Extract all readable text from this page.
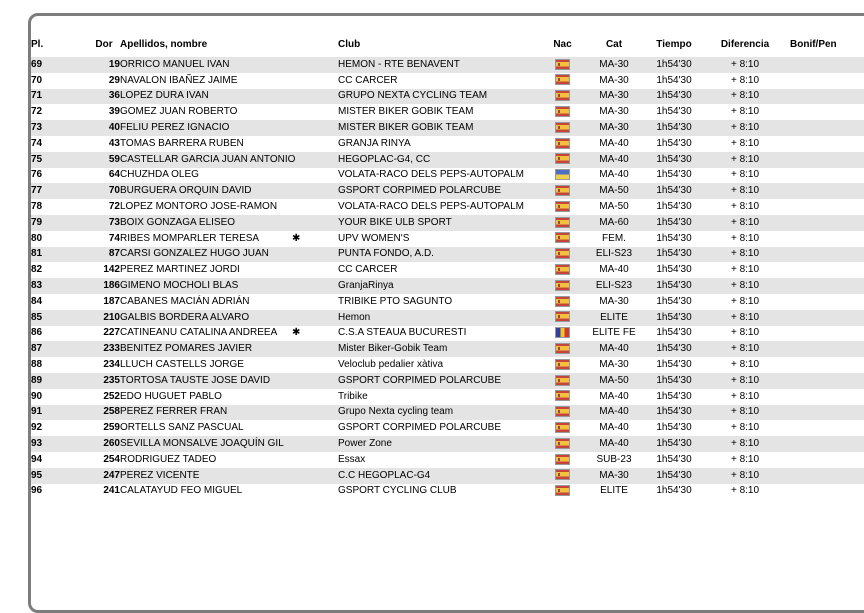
Pl.	Dor	Apellidos, nombre		Club	Nac	Cat	Tiempo	Diferencia	Bonif/Pen
69	19	ORRICO MANUEL IVAN		HEMON - RTE BENAVENT		MA-30	1h54'30	+ 8:10	
70	29	NAVALON IBAÑEZ JAIME		CC CARCER		MA-30	1h54'30	+ 8:10	
71	36	LOPEZ DURA IVAN		GRUPO NEXTA CYCLING TEAM		MA-30	1h54'30	+ 8:10	
72	39	GOMEZ JUAN ROBERTO		MISTER BIKER GOBIK TEAM		MA-30	1h54'30	+ 8:10	
73	40	FELIU PEREZ IGNACIO		MISTER BIKER GOBIK TEAM		MA-30	1h54'30	+ 8:10	
74	43	TOMAS BARRERA RUBEN		GRANJA RINYA		MA-40	1h54'30	+ 8:10	
75	59	CASTELLAR GARCIA JUAN ANTONIO		HEGOPLAC-G4, CC		MA-40	1h54'30	+ 8:10	
76	64	CHUZHDA OLEG		VOLATA-RACO DELS PEPS-AUTOPALM		MA-40	1h54'30	+ 8:10	
77	70	BURGUERA ORQUIN DAVID		GSPORT CORPIMED POLARCUBE		MA-50	1h54'30	+ 8:10	
78	72	LOPEZ MONTORO JOSE-RAMON		VOLATA-RACO DELS PEPS-AUTOPALM		MA-50	1h54'30	+ 8:10	
79	73	BOIX GONZAGA ELISEO		YOUR BIKE ULB SPORT		MA-60	1h54'30	+ 8:10	
80	74	RIBES MOMPARLER TERESA	✱	UPV WOMEN'S		FEM.	1h54'30	+ 8:10	
81	87	CARSI GONZALEZ HUGO JUAN		PUNTA FONDO, A.D.		ELI-S23	1h54'30	+ 8:10	
82	142	PEREZ MARTINEZ JORDI		CC CARCER		MA-40	1h54'30	+ 8:10	
83	186	GIMENO MOCHOLI BLAS		GranjaRinya		ELI-S23	1h54'30	+ 8:10	
84	187	CABANES MACIÁN ADRIÁN		TRIBIKE PTO SAGUNTO		MA-30	1h54'30	+ 8:10	
85	210	GALBIS BORDERA ALVARO		Hemon		ELITE	1h54'30	+ 8:10	
86	227	CATINEANU CATALINA ANDREEA	✱	C.S.A STEAUA BUCURESTI		ELITE FE	1h54'30	+ 8:10	
87	233	BENITEZ POMARES JAVIER		Mister Biker-Gobik Team		MA-40	1h54'30	+ 8:10	
88	234	LLUCH CASTELLS JORGE		Veloclub pedalier xàtiva		MA-30	1h54'30	+ 8:10	
89	235	TORTOSA TAUSTE JOSE DAVID		GSPORT CORPIMED POLARCUBE		MA-50	1h54'30	+ 8:10	
90	252	EDO HUGUET PABLO		Tribike		MA-40	1h54'30	+ 8:10	
91	258	PEREZ FERRER FRAN		Grupo Nexta cycling team		MA-40	1h54'30	+ 8:10	
92	259	ORTELLS SANZ PASCUAL		GSPORT CORPIMED POLARCUBE		MA-40	1h54'30	+ 8:10	
93	260	SEVILLA MONSALVE JOAQUÍN GIL		Power Zone		MA-40	1h54'30	+ 8:10	
94	254	RODRIGUEZ TADEO		Essax		SUB-23	1h54'30	+ 8:10	
95	247	PEREZ VICENTE		C.C HEGOPLAC-G4		MA-30	1h54'30	+ 8:10	
96	241	CALATAYUD FEO MIGUEL		GSPORT CYCLING CLUB		ELITE	1h54'30	+ 8:10	
